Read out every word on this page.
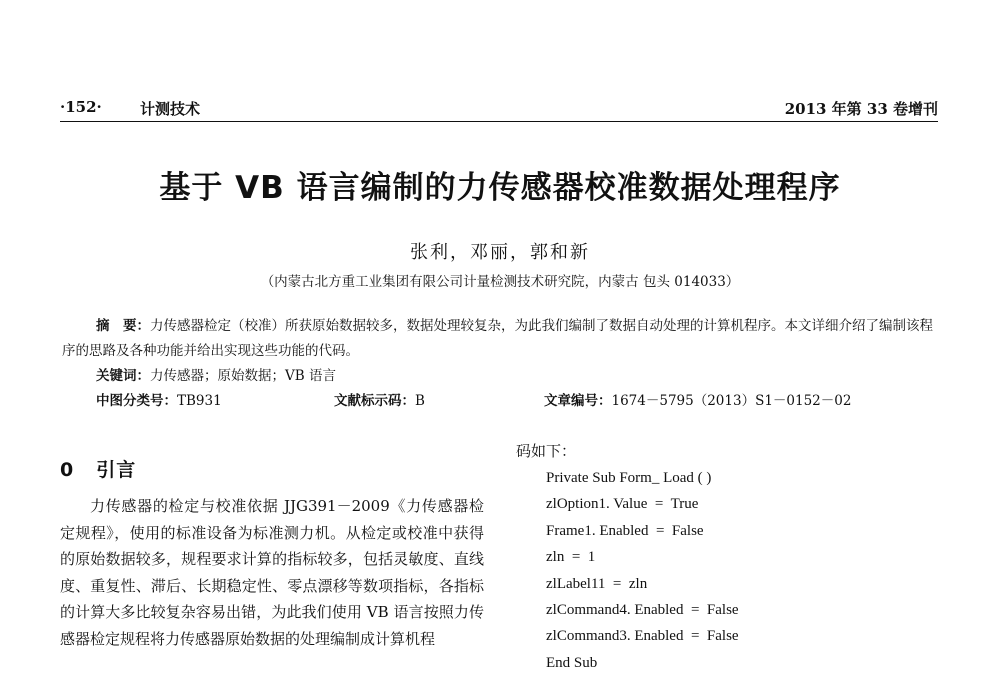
·152·	计测技术	2013 年第 33 卷增刊
基于 VB 语言编制的力传感器校准数据处理程序
张利，邓丽，郭和新
（内蒙古北方重工业集团有限公司计量检测技术研究院，内蒙古 包头 014033）
摘　要：力传感器检定（校准）所获原始数据较多，数据处理较复杂，为此我们编制了数据自动处理的计算机程序。本文详细介绍了编制该程序的思路及各种功能并给出实现这些功能的代码。
关键词：力传感器；原始数据；VB 语言
中图分类号：TB931	文献标示码：B	文章编号：1674－5795（2013）S1－0152－02
0 引言

力传感器的检定与校准依据 JJG391－2009《力传感器检定规程》，使用的标准设备为标准测力机。从检定或校准中获得的原始数据较多，规程要求计算的指标较多，包括灵敏度、直线度、重复性、滞后、长期稳定性、零点漂移等数项指标，各指标的计算大多比较复杂容易出错，为此我们使用 VB 语言按照力传感器检定规程将力传感器原始数据的处理编制成计算机程

码如下：
Private Sub Form_ Load ( )
zlOption1. Value  =  True
Frame1. Enabled  =  False
zln  =  1
zlLabel11  =  zln
zlCommand4. Enabled  =  False
zlCommand3. Enabled  =  False
End Sub
